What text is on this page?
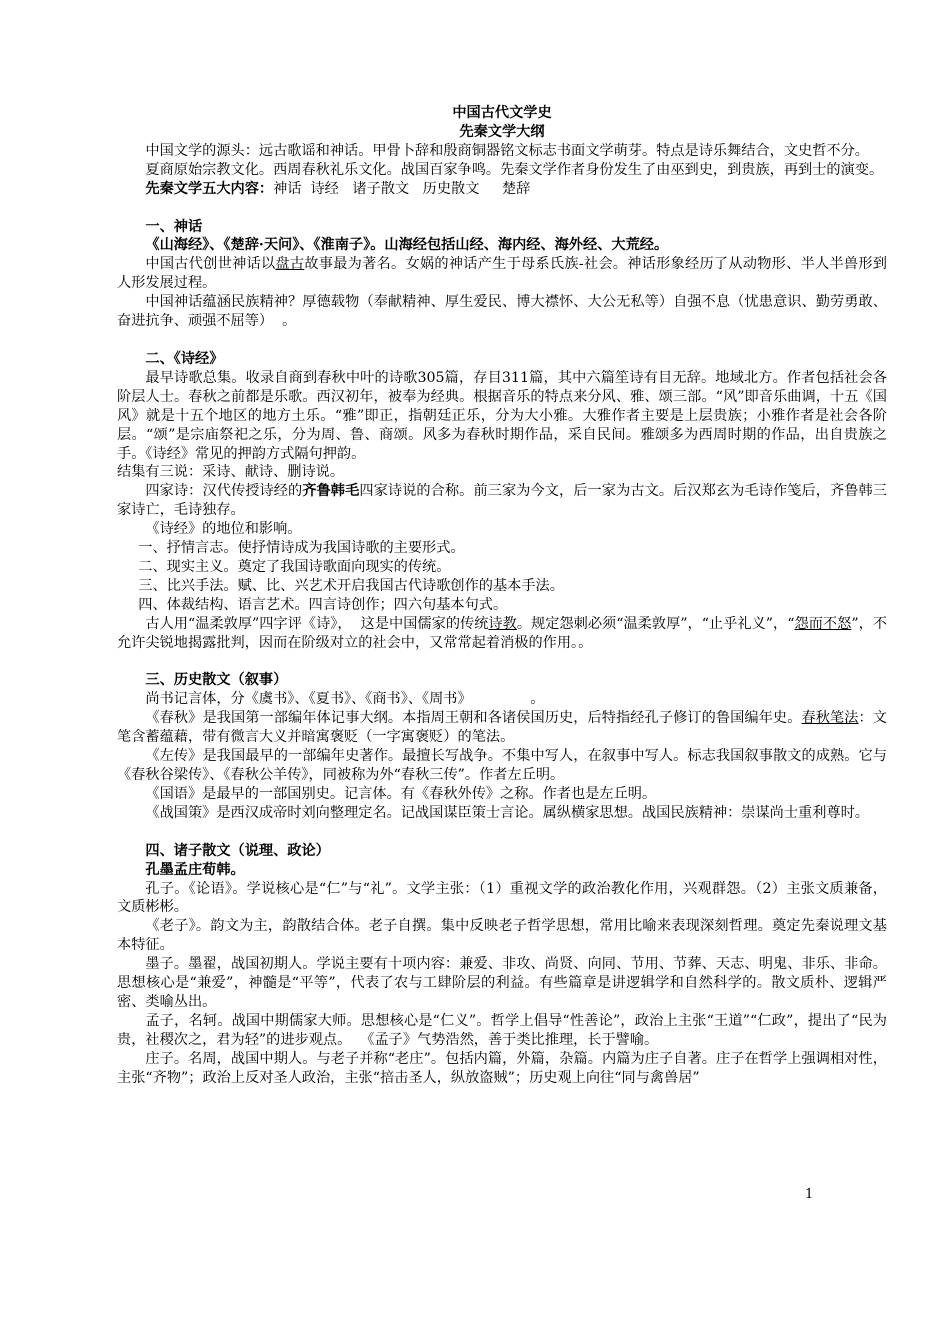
中国古代文学史

先秦文学大纲

中国文学的源头：远古歌谣和神话。甲骨卜辞和殷商铜器铭文标志书面文学萌芽。特点是诗乐舞结合，文史哲不分。

夏商原始宗教文化。西周春秋礼乐文化。战国百家争鸣。先秦文学作者身份发生了由巫到史，到贵族，再到士的演变。

先秦文学五大内容：神话  诗经   诸子散文   历史散文     楚辞

一、神话

《山海经》、《楚辞·天问》、《淮南子》。山海经包括山经、海内经、海外经、大荒经。

中国古代创世神话以盘古故事最为著名。女娲的神话产生于母系氏族-社会。神话形象经历了从动物形、半人半兽形到人形发展过程。

中国神话蕴涵民族精神？厚德载物（奉献精神、厚生爱民、博大襟怀、大公无私等）自强不息（忧患意识、勤劳勇敢、奋进抗争、顽强不屈等）  。

二、《诗经》

最早诗歌总集。收录自商到春秋中叶的诗歌305篇，存目311篇，其中六篇笙诗有目无辞。地域北方。作者包括社会各阶层人士。春秋之前都是乐歌。西汉初年，被奉为经典。根据音乐的特点来分风、雅、颂三部。“风”即音乐曲调，十五《国风》就是十五个地区的地方土乐。“雅”即正，指朝廷正乐，分为大小雅。大雅作者主要是上层贵族；小雅作者是社会各阶层。“颂”是宗庙祭祀之乐，分为周、鲁、商颂。风多为春秋时期作品，采自民间。雅颂多为西周时期的作品，出自贵族之手。《诗经》常见的押韵方式隔句押韵。

结集有三说：采诗、献诗、删诗说。

四家诗：汉代传授诗经的齐鲁韩毛四家诗说的合称。前三家为今文，后一家为古文。后汉郑玄为毛诗作笺后，齐鲁韩三家诗亡，毛诗独存。

《诗经》的地位和影响。

一、抒情言志。使抒情诗成为我国诗歌的主要形式。

二、现实主义。奠定了我国诗歌面向现实的传统。

三、比兴手法。赋、比、兴艺术开启我国古代诗歌创作的基本手法。

四、体裁结构、语言艺术。四言诗创作；四六句基本句式。

古人用“温柔敦厚”四字评《诗》，  这是中国儒家的传统诗教。规定怨刺必须“温柔敦厚”，“止乎礼义”，“怨而不怒”，不允许尖锐地揭露批判，因而在阶级对立的社会中，又常常起着消极的作用。。

三、历史散文（叙事）

尚书记言体，分《虞书》、《夏书》、《商书》、《周书》             。

《春秋》是我国第一部编年体记事大纲。本指周王朝和各诸侯国历史，后特指经孔子修订的鲁国编年史。春秋笔法：文笔含蓄蕴藉，带有微言大义并暗寓褒贬（一字寓褒贬）的笔法。

《左传》是我国最早的一部编年史著作。最擅长写战争。不集中写人，在叙事中写人。标志我国叙事散文的成熟。它与《春秋谷梁传》、《春秋公羊传》，同被称为外“春秋三传”。作者左丘明。

《国语》是最早的一部国别史。记言体。有《春秋外传》之称。作者也是左丘明。

《战国策》是西汉成帝时刘向整理定名。记战国谋臣策士言论。属纵横家思想。战国民族精神：崇谋尚士重利尊时。

四、诸子散文（说理、政论）

孔墨孟庄荀韩。

孔子。《论语》。学说核心是“仁”与“礼”。文学主张：（1）重视文学的政治教化作用，兴观群怨。（2）主张文质兼备，文质彬彬。

《老子》。韵文为主，韵散结合体。老子自撰。集中反映老子哲学思想，常用比喻来表现深刻哲理。奠定先秦说理文基本特征。

墨子。墨翟，战国初期人。学说主要有十项内容：兼爱、非攻、尚贤、向同、节用、节葬、天志、明鬼、非乐、非命。思想核心是“兼爱”，神髓是“平等”，代表了农与工肆阶层的利益。有些篇章是讲逻辑学和自然科学的。散文质朴、逻辑严密、类喻丛出。

孟子，名轲。战国中期儒家大师。思想核心是“仁义”。哲学上倡导“性善论”，政治上主张“王道”“仁政”，提出了“民为贵，社稷次之，君为轻”的进步观点。  《孟子》气势浩然，善于类比推理，长于譬喻。

庄子。名周，战国中期人。与老子并称“老庄”。包括内篇，外篇，杂篇。内篇为庄子自著。庄子在哲学上强调相对性，主张“齐物”；政治上反对圣人政治，主张“掊击圣人，纵放盗贼”；历史观上向往“同与禽兽居”

1
